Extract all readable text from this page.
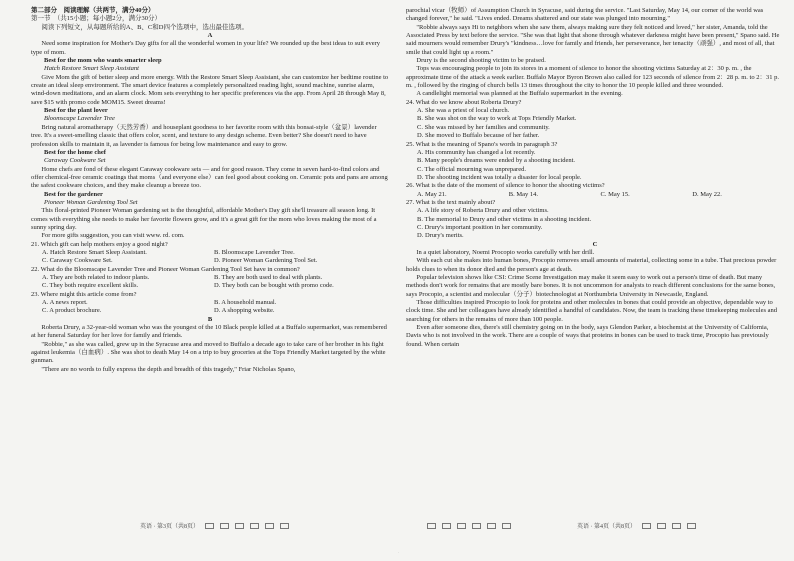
第二部分　阅读理解（共两节，满分40分）

第一节　（共15小题；每小题2分，满分30分）

阅读下列短文，从每题所给的A、B、C和D四个选项中，选出最佳选项。

A

Need some inspiration for Mother's Day gifts for all the wonderful women in your life? We rounded up the best ideas to suit every type of mom.

Best for the mom who wants smarter sleep

Hatch Restore Smart Sleep Assistant

Give Mom the gift of better sleep and more energy. With the Restore Smart Sleep Assistant, she can customize her bedtime routine to create an ideal sleep environment. The smart device features a completely personalized reading light, sound machine, sunrise alarm, wind-down meditations, and an alarm clock. Mom sets everything to her specific preferences via the app. From April 28 through May 8, save $15 with promo code MOM15. Sweet dreams!

Best for the plant lover

Bloomscape Lavender Tree

Bring natural aromatherapy（天然芳香）and houseplant goodness to her favorite room with this bonsai-style（盆景）lavender tree. It's a sweet-smelling classic that offers color, scent, and texture to any design scheme. Even better? She doesn't need to have profession skills to maintain it, as lavender is famous for being low maintenance and easy to grow.

Best for the home chef

Caraway Cookware Set

Home chefs are fond of these elegant Caraway cookware sets — and for good reason. They come in seven hard-to-find colors and offer chemical-free ceramic coatings that moms（and everyone else）can feel good about cooking on. Ceramic pots and pans are among the safest cookware choices, and they make cleanup a breeze too.

Best for the gardener

Pioneer Woman Gardening Tool Set

This floral-printed Pioneer Woman gardening set is the thoughtful, affordable Mother's Day gift she'll treasure all season long. It comes with everything she needs to make her favorite flowers grow, and it's a great gift for the mom who loves making the most of a sunny spring day.

For more gifts suggestion, you can visit www. rd. com.

21. Which gift can help mothers enjoy a good night?

A. Hatch Restore Smart Sleep Assistant.	B. Bloomscape Lavender Tree.
C. Caraway Cookware Set.	D. Pioneer Woman Gardening Tool Set.

22. What do the Bloomscape Lavender Tree and Pioneer Woman Gardening Tool Set have in common?

A. They are both related to indoor plants.	B. They are both used to deal with plants.
C. They both require excellent skills.	D. They both can be bought with promo code.

23. Where might this article come from?

A. A news report.	B. A household manual.
C. A product brochure.	D. A shopping website.

B

Roberta Drury, a 32-year-old woman who was the youngest of the 10 Black people killed at a Buffalo supermarket, was remembered at her funeral Saturday for her love for family and friends.

"Robbie," as she was called, grew up in the Syracuse area and moved to Buffalo a decade ago to take care of her brother in his fight against leukemia（白血病）. She was shot to death May 14 on a trip to buy groceries at the Tops Friendly Market targeted by the white gunman.

"There are no words to fully express the depth and breadth of this tragedy," Friar Nicholas Spano,

英语 · 第3页（共8页）

parochial vicar（牧师）of Assumption Church in Syracuse, said during the service. "Last Saturday, May 14, our corner of the world was changed forever," he said. "Lives ended. Dreams shattered and our state was plunged into mourning."

"Robbie always says Hi to neighbors when she saw them, always making sure they felt noticed and loved," her sister, Amanda, told the Associated Press by text before the service. "She was that light that shone through whatever darkness might have been present," Spano said. He said mourners would remember Drury's "kindness…love for family and friends, her perseverance, her tenacity（顽强）, and most of all, that smile that could light up a room."

Drury is the second shooting victim to be praised.

Tops was encouraging people to join its stores in a moment of silence to honor the shooting victims Saturday at 2：30 p. m. , the approximate time of the attack a week earlier. Buffalo Mayor Byron Brown also called for 123 seconds of silence from 2：28 p. m. to 2：31 p. m. , followed by the ringing of church bells 13 times throughout the city to honor the 10 people killed and three wounded.

A candlelight memorial was planned at the Buffalo supermarket in the evening.

24. What do we know about Roberta Drury?

A. She was a priest of local church.

B. She was shot on the way to work at Tops Friendly Market.

C. She was missed by her families and community.

D. She moved to Buffalo because of her father.

25. What is the meaning of Spano's words in paragraph 3?

A. His community has changed a lot recently.

B. Many people's dreams were ended by a shooting incident.

C. The official mourning was unprepared.

D. The shooting incident was totally a disaster for local people.

26. What is the date of the moment of silence to honor the shooting victims?

A. May 21.	B. May 14.	C. May 15.	D. May 22.

27. What is the text mainly about?

A. A life story of Roberta Drury and other victims.

B. The memorial to Drury and other victims in a shooting incident.

C. Drury's important position in her community.

D. Drury's merits.

C

In a quiet laboratory, Noemi Procopio works carefully with her drill.

With each cut she makes into human bones, Procopio removes small amounts of material, collecting some in a tube. That precious powder holds clues to when its donor died and the person's age at death.

Popular television shows like CSI: Crime Scene Investigation may make it seem easy to work out a person's time of death. But many methods don't work for remains that are mostly bare bones. It is not uncommon for analysts to reach different conclusions for the same bones, says Procopio, a scientist and molecular（分子）biotechnologist at Northumbria University in Newcastle, England.

Those difficulties inspired Procopio to look for proteins and other molecules in bones that could provide an objective, dependable way to clock time. She and her colleagues have already identified a handful of candidates. Now, the team is tracking these timekeeping molecules and searching for others in the remains of more than 100 people.

Even after someone dies, there's still chemistry going on in the body, says Glendon Parker, a biochemist at the University of California, Davis who is not involved in the work. There are a couple of ways that proteins in bones can be used to track time, Procopio has previously found. When certain

英语 · 第4页（共8页）
·
